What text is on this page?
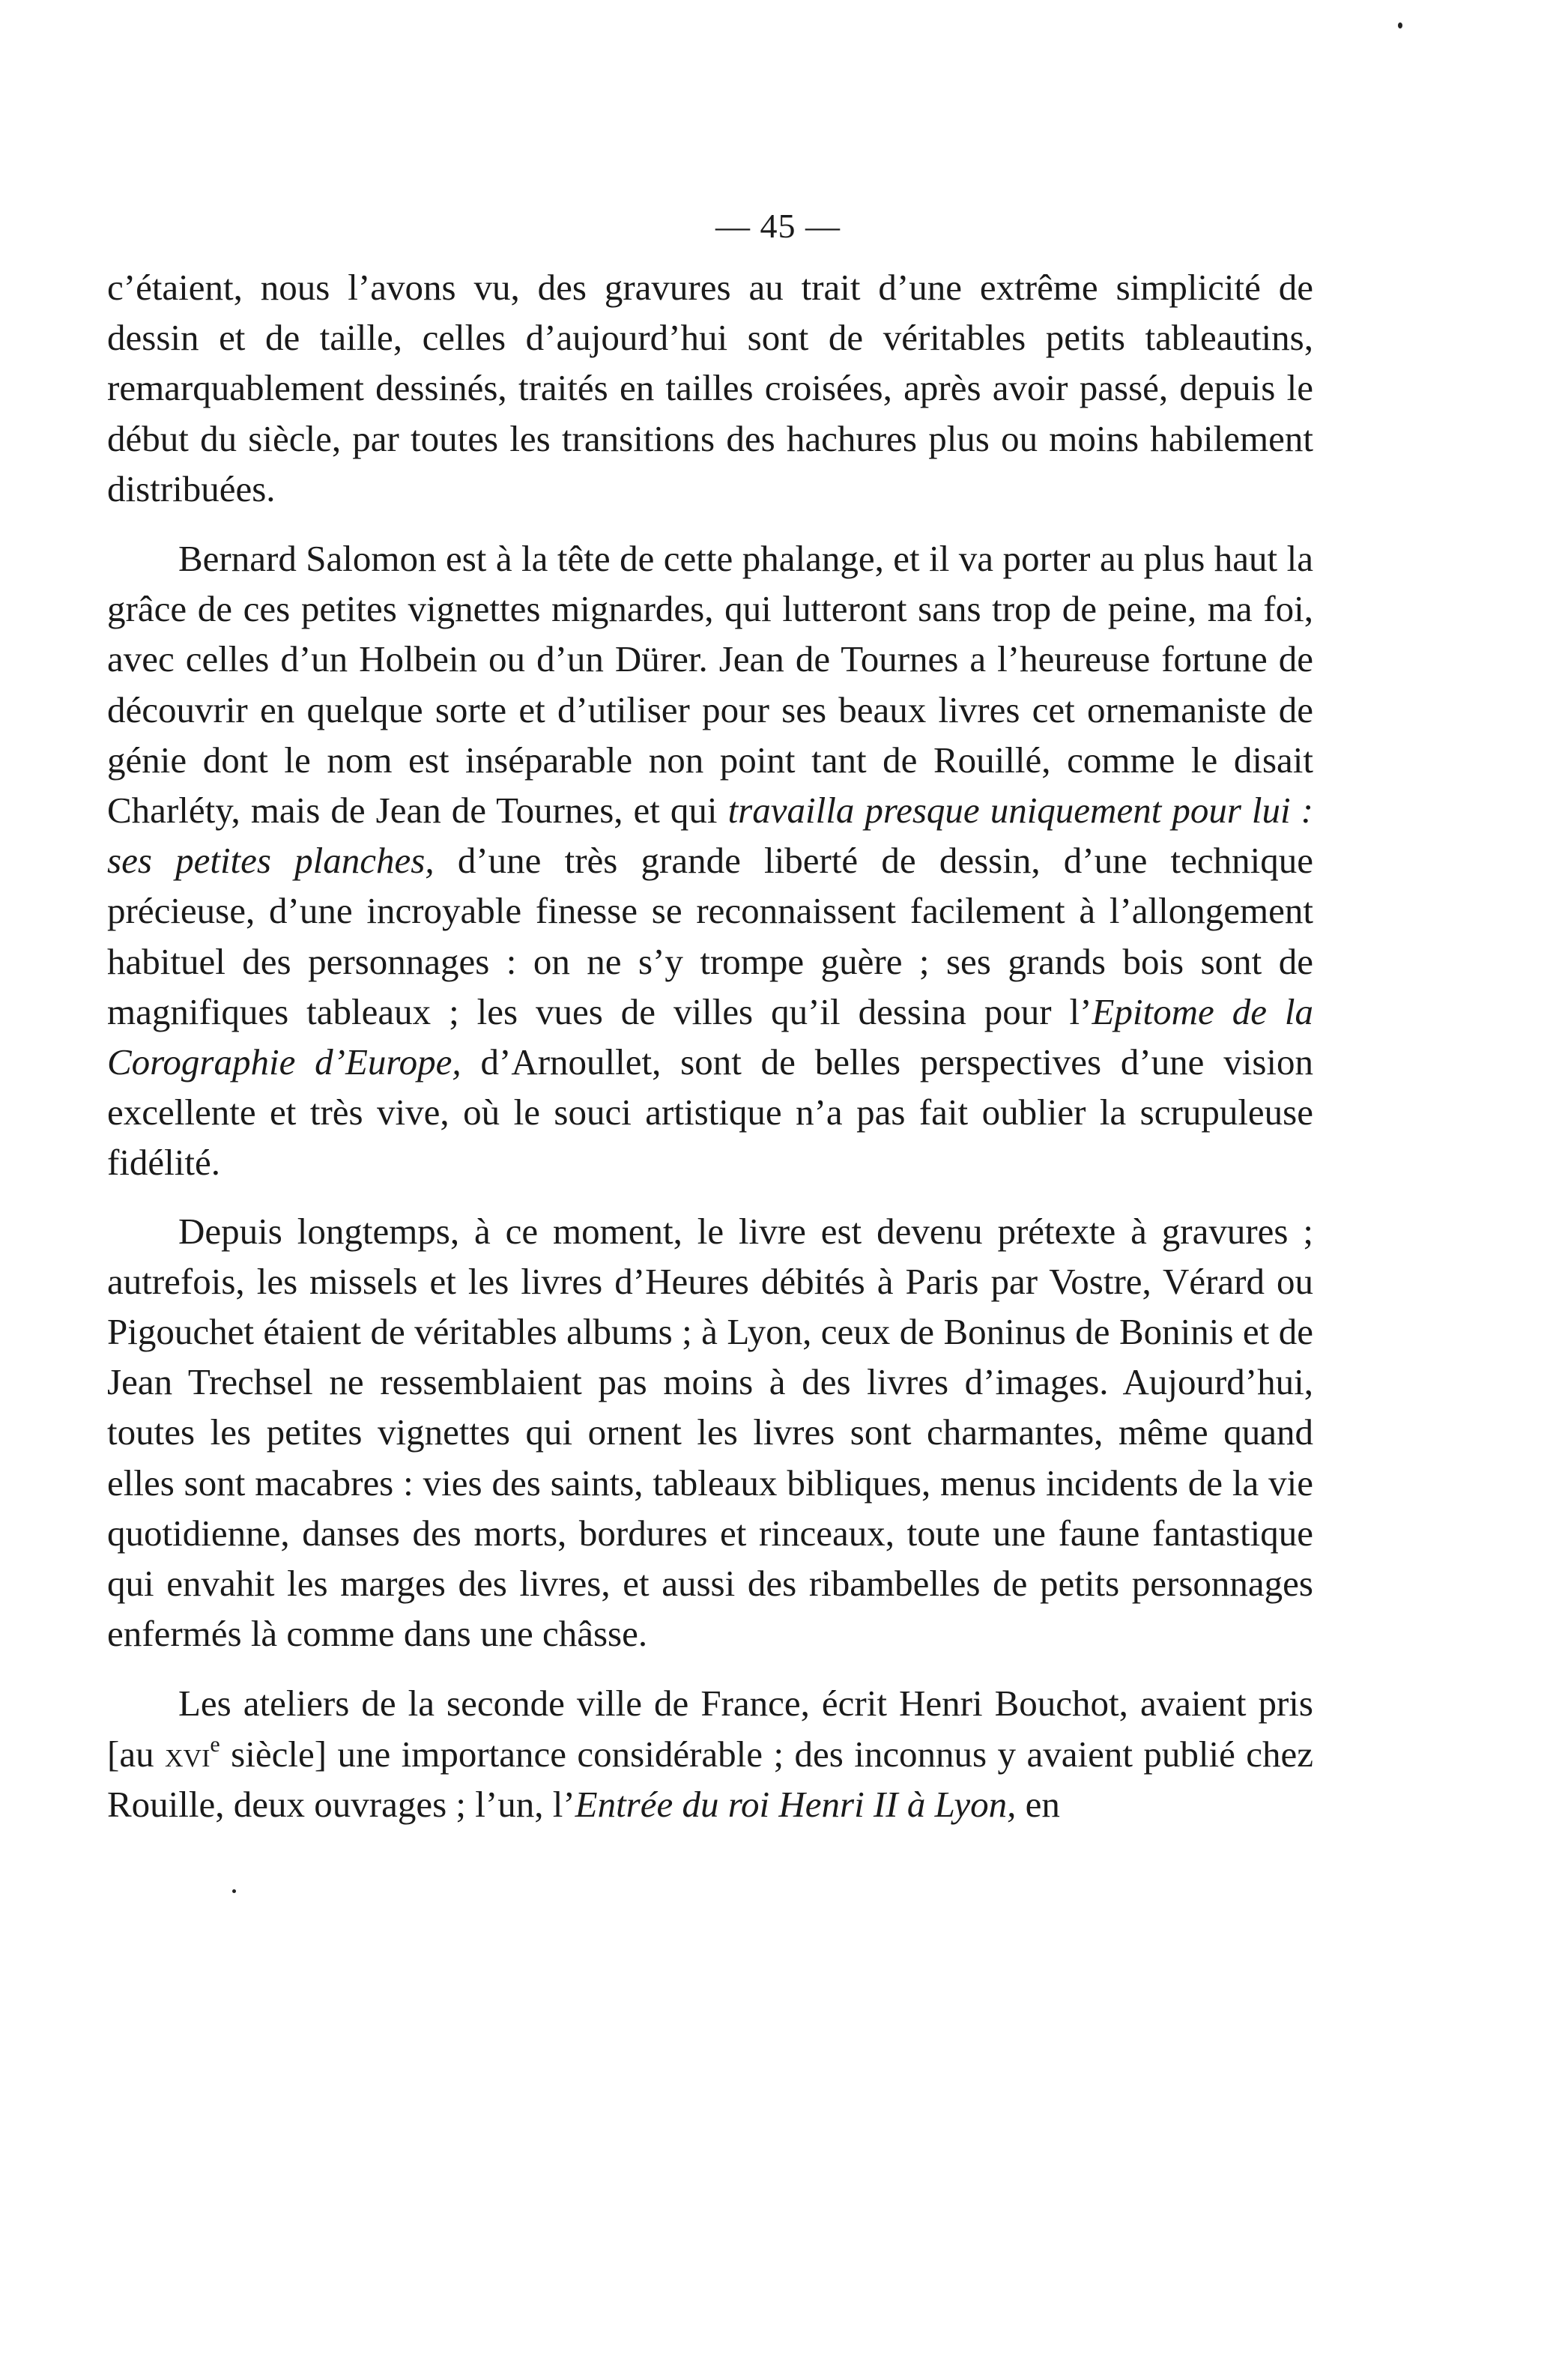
— 45 —

c’étaient, nous l’avons vu, des gravures au trait d’une extrême simplicité de dessin et de taille, celles d’aujourd’hui sont de véritables petits tableautins, remarquablement dessinés, traités en tailles croisées, après avoir passé, depuis le début du siècle, par toutes les transitions des hachures plus ou moins habilement distribuées.

Bernard Salomon est à la tête de cette phalange, et il va porter au plus haut la grâce de ces petites vignettes mignardes, qui lutteront sans trop de peine, ma foi, avec celles d’un Holbein ou d’un Dürer. Jean de Tournes a l’heureuse fortune de découvrir en quelque sorte et d’utiliser pour ses beaux livres cet ornemaniste de génie dont le nom est inséparable non point tant de Rouillé, comme le disait Charléty, mais de Jean de Tournes, et qui travailla presque uniquement pour lui : ses petites planches, d’une très grande liberté de dessin, d’une technique précieuse, d’une incroyable finesse se reconnaissent facilement à l’allongement habituel des personnages : on ne s’y trompe guère ; ses grands bois sont de magnifiques tableaux ; les vues de villes qu’il dessina pour l’Epitome de la Corographie d’Europe, d’Arnoullet, sont de belles perspectives d’une vision excellente et très vive, où le souci artistique n’a pas fait oublier la scrupuleuse fidélité.

Depuis longtemps, à ce moment, le livre est devenu prétexte à gravures ; autrefois, les missels et les livres d’Heures débités à Paris par Vostre, Vérard ou Pigouchet étaient de véritables albums ; à Lyon, ceux de Boninus de Boninis et de Jean Trechsel ne ressemblaient pas moins à des livres d’images. Aujourd’hui, toutes les petites vignettes qui ornent les livres sont charmantes, même quand elles sont macabres : vies des saints, tableaux bibliques, menus incidents de la vie quotidienne, danses des morts, bordures et rinceaux, toute une faune fantastique qui envahit les marges des livres, et aussi des ribambelles de petits personnages enfermés là comme dans une châsse.

Les ateliers de la seconde ville de France, écrit Henri Bouchot, avaient pris [au xvi$^e$ siècle] une importance considérable ; des inconnus y avaient publié chez Rouille, deux ouvrages ; l’un, l’Entrée du roi Henri II à Lyon, en
